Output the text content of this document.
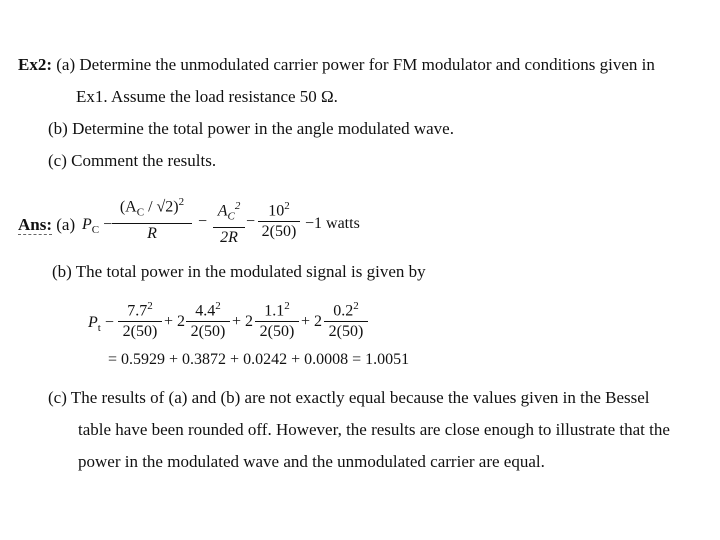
Ex2: (a) Determine the unmodulated carrier power for FM modulator and conditions given in
Ex1. Assume the load resistance 50 Ω.
(b) Determine the total power in the angle modulated wave.
(c) Comment the results.
Ans: (a) $P_C$ −
$(A_C / √2)^2$
R
−
$A_C^2$
2R
−
$10^2$
2(50) −1 watts
(b) The total power in the modulated signal is given by
$P_t$ −
$7.7^2$
2(50)
+ 2
$4.4^2$
2(50)
+ 2
$1.1^2$
2(50)
+ 2
$0.2^2$
2(50)
= 0.5929 + 0.3872 + 0.0242 + 0.0008 = 1.0051
(c) The results of (a) and (b) are not exactly equal because the values given in the Bessel
table have been rounded off. However, the results are close enough to illustrate that the
power in the modulated wave and the unmodulated carrier are equal.
